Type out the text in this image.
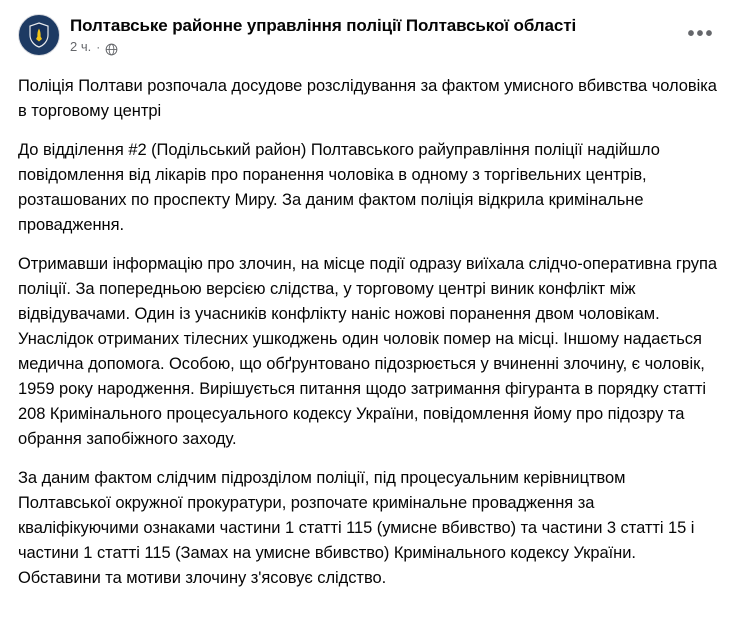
Полтавське районне управління поліції Полтавської області
2 ч. ·
•••

Поліція Полтави розпочала досудове розслідування за фактом умисного вбивства чоловіка в торговому центрі

До відділення #2 (Подільський район) Полтавського райуправління поліції надійшло повідомлення від лікарів про поранення чоловіка в одному з торгівельних центрів, розташованих по проспекту Миру. За даним фактом поліція відкрила кримінальне провадження.

Отримавши інформацію про злочин, на місце події одразу виїхала слідчо-оперативна група поліції. За попередньою версією слідства, у торговому центрі виник конфлікт між відвідувачами. Один із учасників конфлікту наніс ножові поранення двом чоловікам. Унаслідок отриманих тілесних ушкоджень один чоловік помер на місці. Іншому надається медична допомога. Особою, що обґрунтовано підозрюється у вчиненні злочину, є чоловік, 1959 року народження. Вирішується питання щодо затримання фігуранта в порядку статті 208 Кримінального процесуального кодексу України, повідомлення йому про підозру та обрання запобіжного заходу.

За даним фактом слідчим підрозділом поліції, під процесуальним керівництвом Полтавської окружної прокуратури, розпочате кримінальне провадження за кваліфікуючими ознаками частини 1 статті 115 (умисне вбивство) та частини 3 статті 15 і частини 1 статті 115 (Замах на умисне вбивство) Кримінального кодексу України. Обставини та мотиви злочину з'ясовує слідство.
